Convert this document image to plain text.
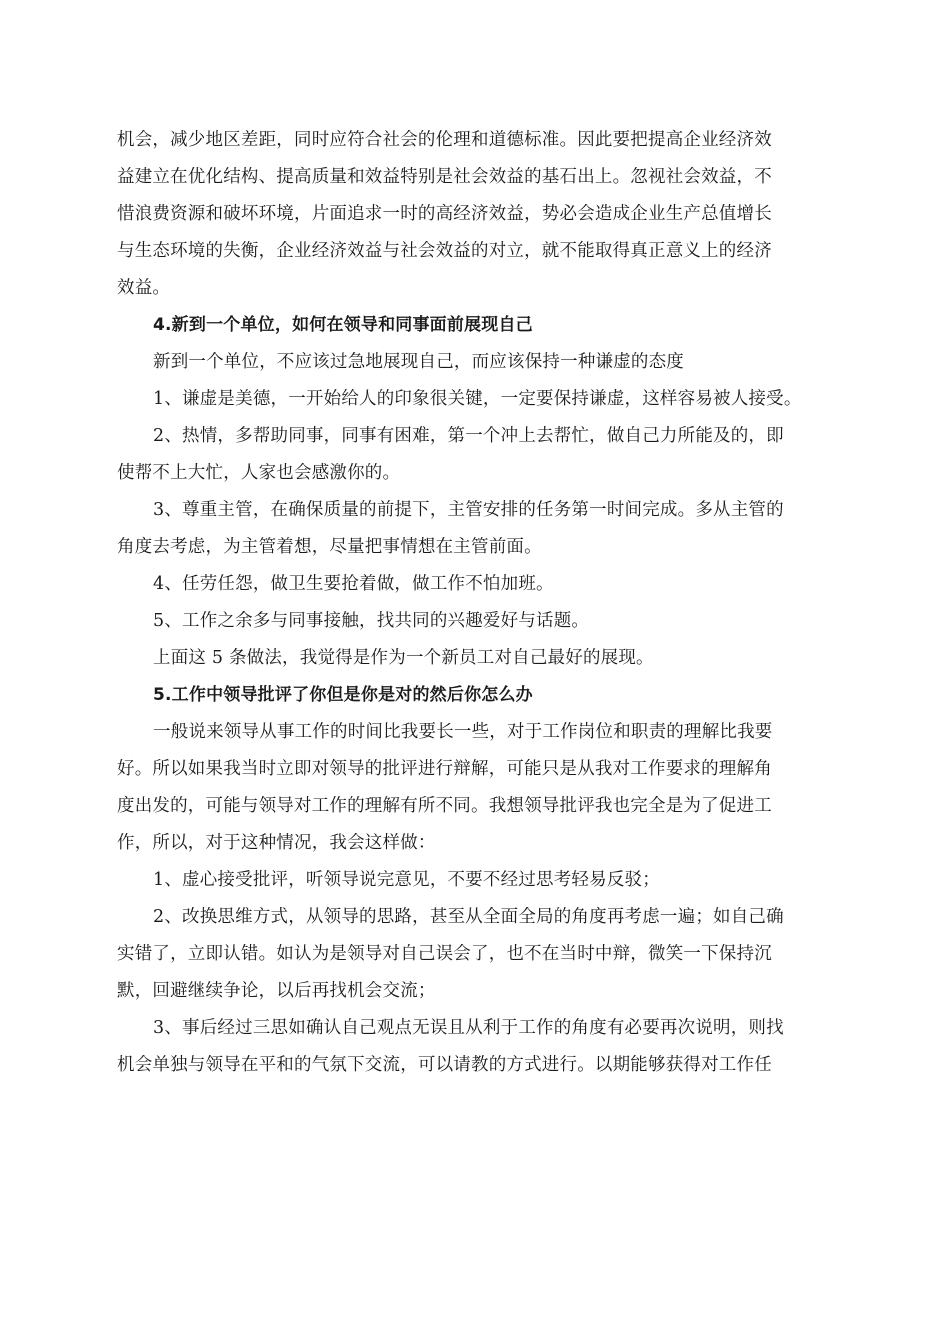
机会，减少地区差距，同时应符合社会的伦理和道德标准。因此要把提高企业经济效
益建立在优化结构、提高质量和效益特别是社会效益的基石出上。忽视社会效益，不
惜浪费资源和破坏环境，片面追求一时的高经济效益，势必会造成企业生产总值增长
与生态环境的失衡，企业经济效益与社会效益的对立，就不能取得真正意义上的经济
效益。
4.新到一个单位，如何在领导和同事面前展现自己
新到一个单位，不应该过急地展现自己，而应该保持一种谦虚的态度
1、谦虚是美德，一开始给人的印象很关键，一定要保持谦虚，这样容易被人接受。
2、热情，多帮助同事，同事有困难，第一个冲上去帮忙，做自己力所能及的，即
使帮不上大忙，人家也会感激你的。
3、尊重主管，在确保质量的前提下，主管安排的任务第一时间完成。多从主管的
角度去考虑，为主管着想，尽量把事情想在主管前面。
4、任劳任怨，做卫生要抢着做，做工作不怕加班。
5、工作之余多与同事接触，找共同的兴趣爱好与话题。
上面这 5 条做法，我觉得是作为一个新员工对自己最好的展现。
5.工作中领导批评了你但是你是对的然后你怎么办
一般说来领导从事工作的时间比我要长一些，对于工作岗位和职责的理解比我要
好。所以如果我当时立即对领导的批评进行辩解，可能只是从我对工作要求的理解角
度出发的，可能与领导对工作的理解有所不同。我想领导批评我也完全是为了促进工
作，所以，对于这种情况，我会这样做：
1、虚心接受批评，听领导说完意见，不要不经过思考轻易反驳；
2、改换思维方式，从领导的思路，甚至从全面全局的角度再考虑一遍；如自己确
实错了，立即认错。如认为是领导对自己误会了，也不在当时中辩，微笑一下保持沉
默，回避继续争论，以后再找机会交流；
3、事后经过三思如确认自己观点无误且从利于工作的角度有必要再次说明，则找
机会单独与领导在平和的气氛下交流，可以请教的方式进行。以期能够获得对工作任
